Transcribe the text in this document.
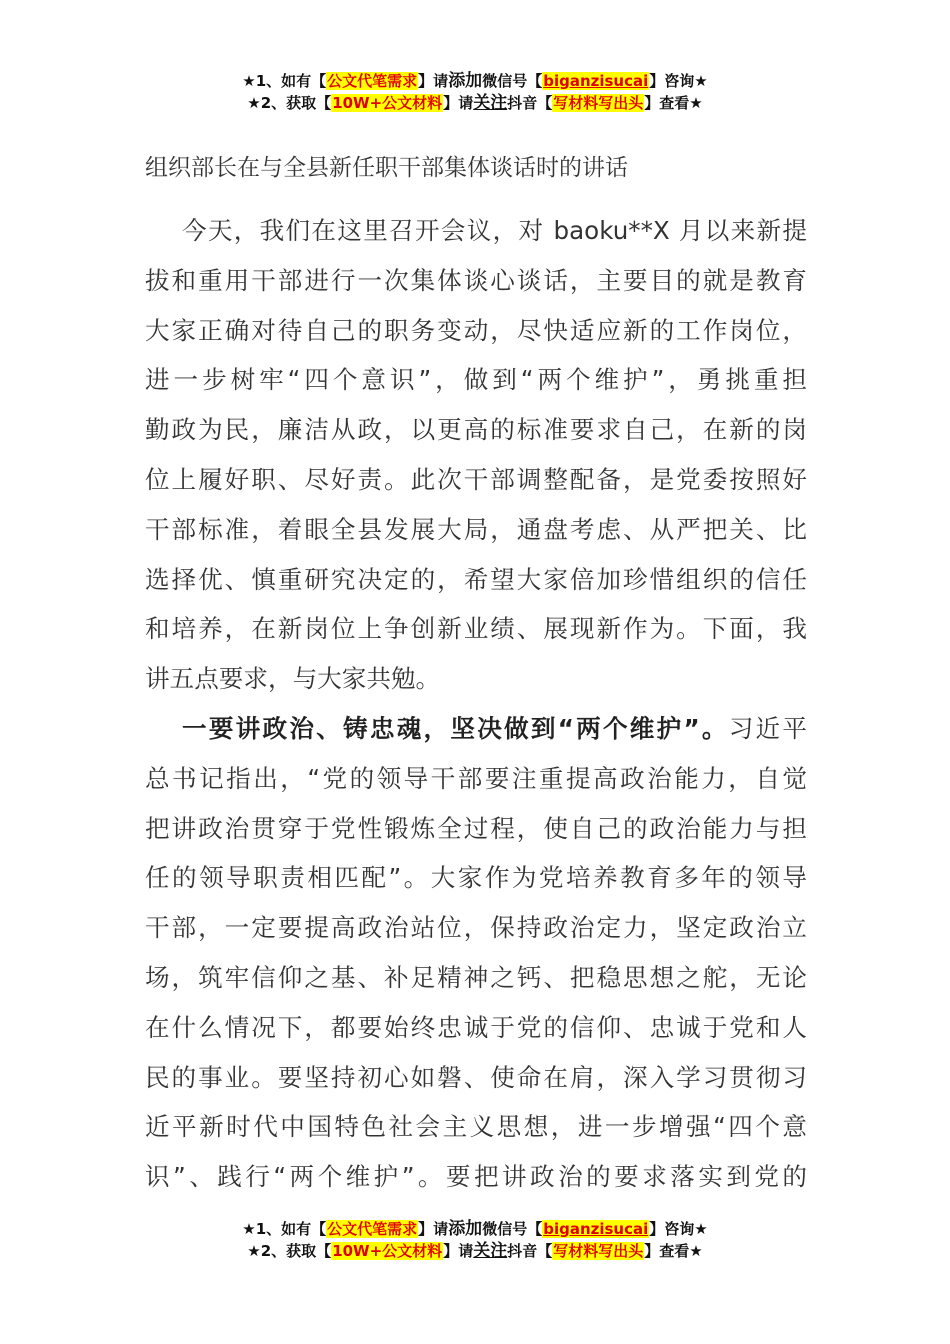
★1、如有【公文代笔需求】请添加微信号【biganzisucai】咨询★
★2、获取【10W+公文材料】请关注抖音【写材料写出头】查看★
组织部长在与全县新任职干部集体谈话时的讲话
今天，我们在这里召开会议，对 baoku**X 月以来新提
拔和重用干部进行一次集体谈心谈话，主要目的就是教育
大家正确对待自己的职务变动，尽快适应新的工作岗位，
进一步树牢“四个意识”，做到“两个维护”，勇挑重担
勤政为民，廉洁从政，以更高的标准要求自己，在新的岗
位上履好职、尽好责。此次干部调整配备，是党委按照好
干部标准，着眼全县发展大局，通盘考虑、从严把关、比
选择优、慎重研究决定的，希望大家倍加珍惜组织的信任
和培养，在新岗位上争创新业绩、展现新作为。下面，我
讲五点要求，与大家共勉。
一要讲政治、铸忠魂，坚决做到“两个维护”。习近平
总书记指出，“党的领导干部要注重提高政治能力，自觉
把讲政治贯穿于党性锻炼全过程，使自己的政治能力与担
任的领导职责相匹配”。大家作为党培养教育多年的领导
干部，一定要提高政治站位，保持政治定力，坚定政治立
场，筑牢信仰之基、补足精神之钙、把稳思想之舵，无论
在什么情况下，都要始终忠诚于党的信仰、忠诚于党和人
民的事业。要坚持初心如磐、使命在肩，深入学习贯彻习
近平新时代中国特色社会主义思想，进一步增强“四个意
识”、践行“两个维护”。要把讲政治的要求落实到党的
★1、如有【公文代笔需求】请添加微信号【biganzisucai】咨询★
★2、获取【10W+公文材料】请关注抖音【写材料写出头】查看★
